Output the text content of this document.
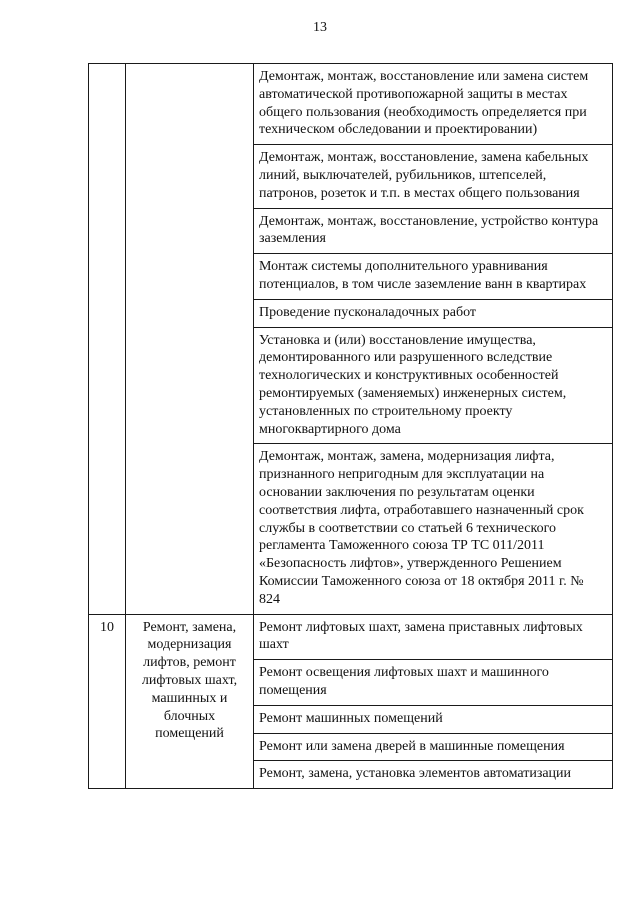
13
		Демонтаж, монтаж, восстановление или замена систем автоматической противопожарной защиты в местах общего пользования (необходимость определяется при техническом обследовании и проектировании)
		Демонтаж, монтаж, восстановление, замена кабельных линий, выключателей, рубильников, штепселей, патронов, розеток и т.п. в местах общего пользования
		Демонтаж, монтаж, восстановление, устройство контура заземления
		Монтаж системы дополнительного уравнивания потенциалов, в том числе заземление ванн в квартирах
		Проведение пусконаладочных работ
		Установка и (или) восстановление имущества, демонтированного или разрушенного вследствие технологических и конструктивных особенностей ремонтируемых (заменяемых) инженерных систем, установленных по строительному проекту многоквартирного дома
		Демонтаж, монтаж, замена, модернизация лифта, признанного непригодным для эксплуатации на основании заключения по результатам оценки соответствия лифта, отработавшего назначенный срок службы в соответствии со статьей 6 технического регламента Таможенного союза ТР ТС 011/2011 «Безопасность лифтов», утвержденного Решением Комиссии Таможенного союза от 18 октября 2011 г. № 824
10	Ремонт, замена, модернизация лифтов, ремонт лифтовых шахт, машинных и блочных помещений	Ремонт лифтовых шахт, замена приставных лифтовых шахт
		Ремонт освещения лифтовых шахт и машинного помещения
		Ремонт машинных помещений
		Ремонт или замена дверей в машинные помещения
		Ремонт, замена, установка элементов автоматизации
